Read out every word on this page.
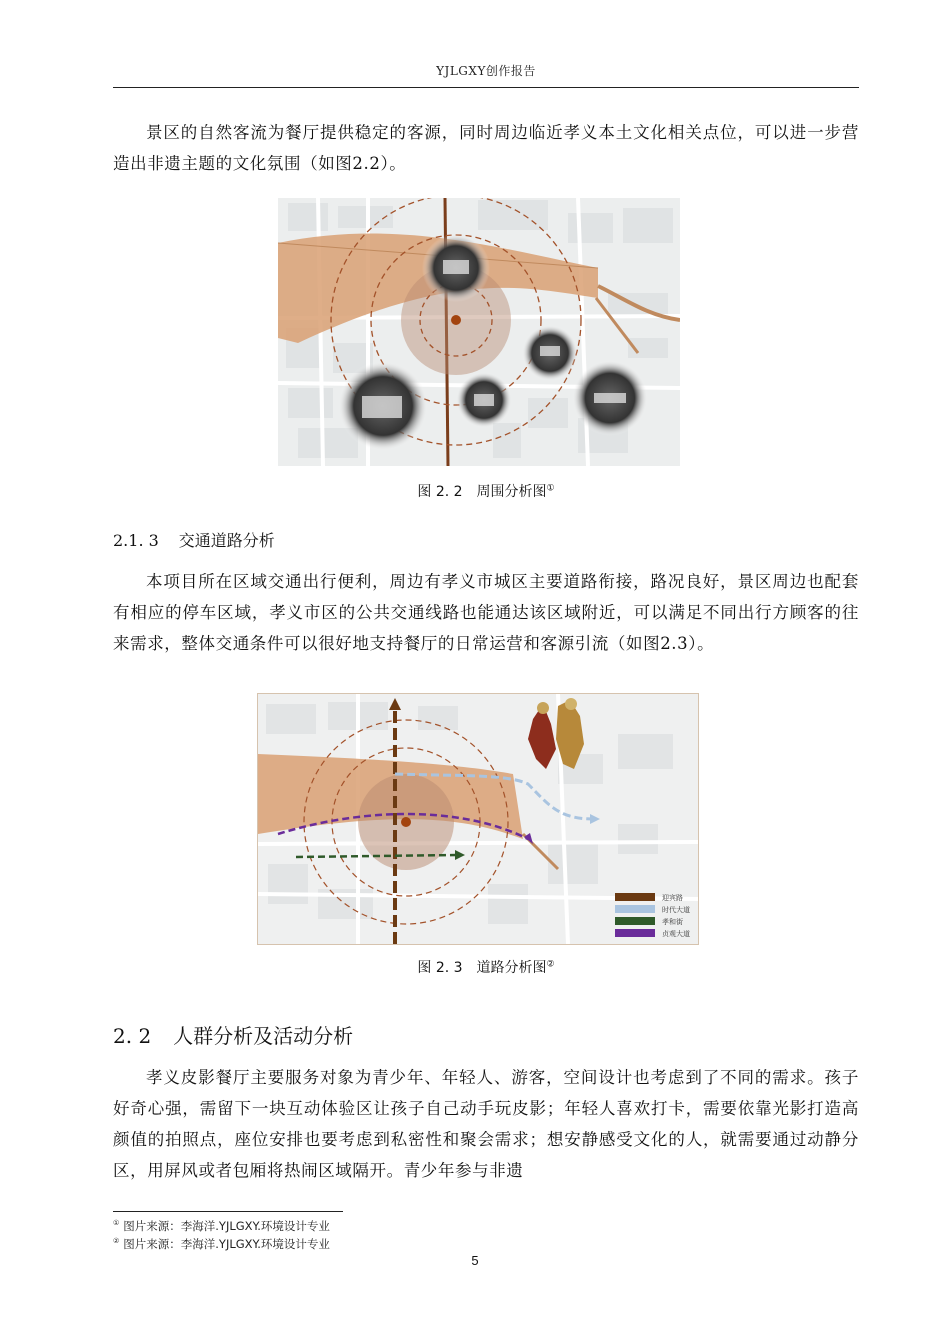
YJLGXY创作报告

景区的自然客流为餐厅提供稳定的客源，同时周边临近孝义本土文化相关点位，可以进一步营造出非遗主题的文化氛围（如图2.2）。

图 2. 2　周围分析图①
2.1. 3 交通道路分析

本项目所在区域交通出行便利，周边有孝义市城区主要道路衔接，路况良好，景区周边也配套有相应的停车区域，孝义市区的公共交通线路也能通达该区域附近，可以满足不同出行方顾客的往来需求，整体交通条件可以很好地支持餐厅的日常运营和客源引流（如图2.3）。

迎宾路
时代大道
孝和街
贞观大道
图 2. 3　道路分析图②
2. 2 人群分析及活动分析

孝义皮影餐厅主要服务对象为青少年、年轻人、游客，空间设计也考虑到了不同的需求。孩子好奇心强，需留下一块互动体验区让孩子自己动手玩皮影；年轻人喜欢打卡，需要依靠光影打造高颜值的拍照点，座位安排也要考虑到私密性和聚会需求；想安静感受文化的人，就需要通过动静分区，用屏风或者包厢将热闹区域隔开。青少年参与非遗

① 图片来源：李海洋.YJLGXY.环境设计专业
② 图片来源：李海洋.YJLGXY.环境设计专业
5
